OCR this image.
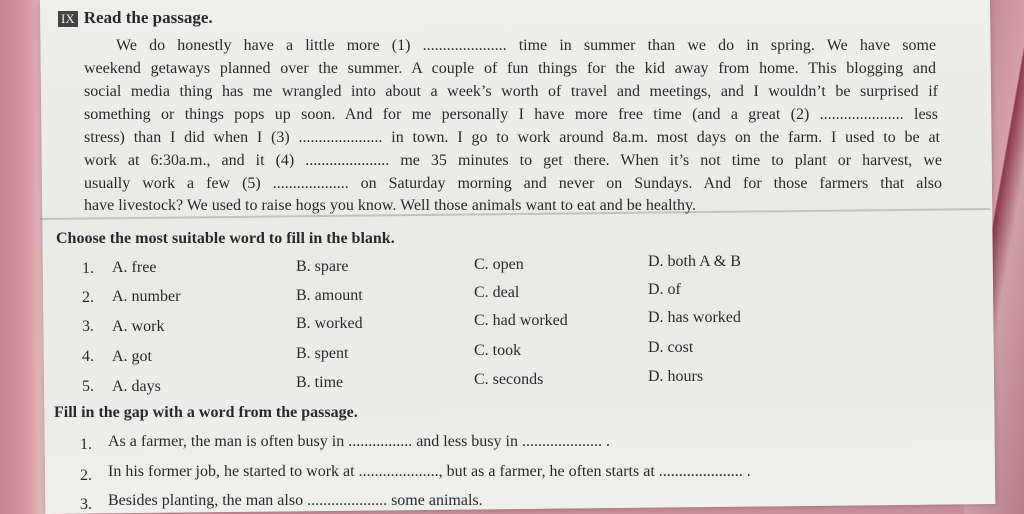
IX Read the passage.
We do honestly have a little more (1) ..................... time in summer than we do in spring. We have some
weekend getaways planned over the summer. A couple of fun things for the kid away from home. This blogging and
social media thing has me wrangled into about a week’s worth of travel and meetings, and I wouldn’t be surprised if
something or things pops up soon. And for me personally I have more free time (and a great (2) ..................... less
stress) than I did when I (3) ..................... in town. I go to work around 8a.m. most days on the farm. I used to be at
work at 6:30a.m., and it (4) ..................... me 35 minutes to get there. When it’s not time to plant or harvest, we
usually work a few (5) ................... on Saturday morning and never on Sundays. And for those farmers that also
have livestock? We used to raise hogs you know. Well those animals want to eat and be healthy.
Choose the most suitable word to fill in the blank.
1. A. free	B. spare	C. open	D. both A & B
2. A. number	B. amount	C. deal	D. of
3. A. work	B. worked	C. had worked	D. has worked
4. A. got	B. spent	C. took	D. cost
5. A. days	B. time	C. seconds	D. hours
Fill in the gap with a word from the passage.
1. As a farmer, the man is often busy in ................ and less busy in .................... .
2. In his former job, he started to work at ...................., but as a farmer, he often starts at ..................... .
3. Besides planting, the man also .................... some animals.
